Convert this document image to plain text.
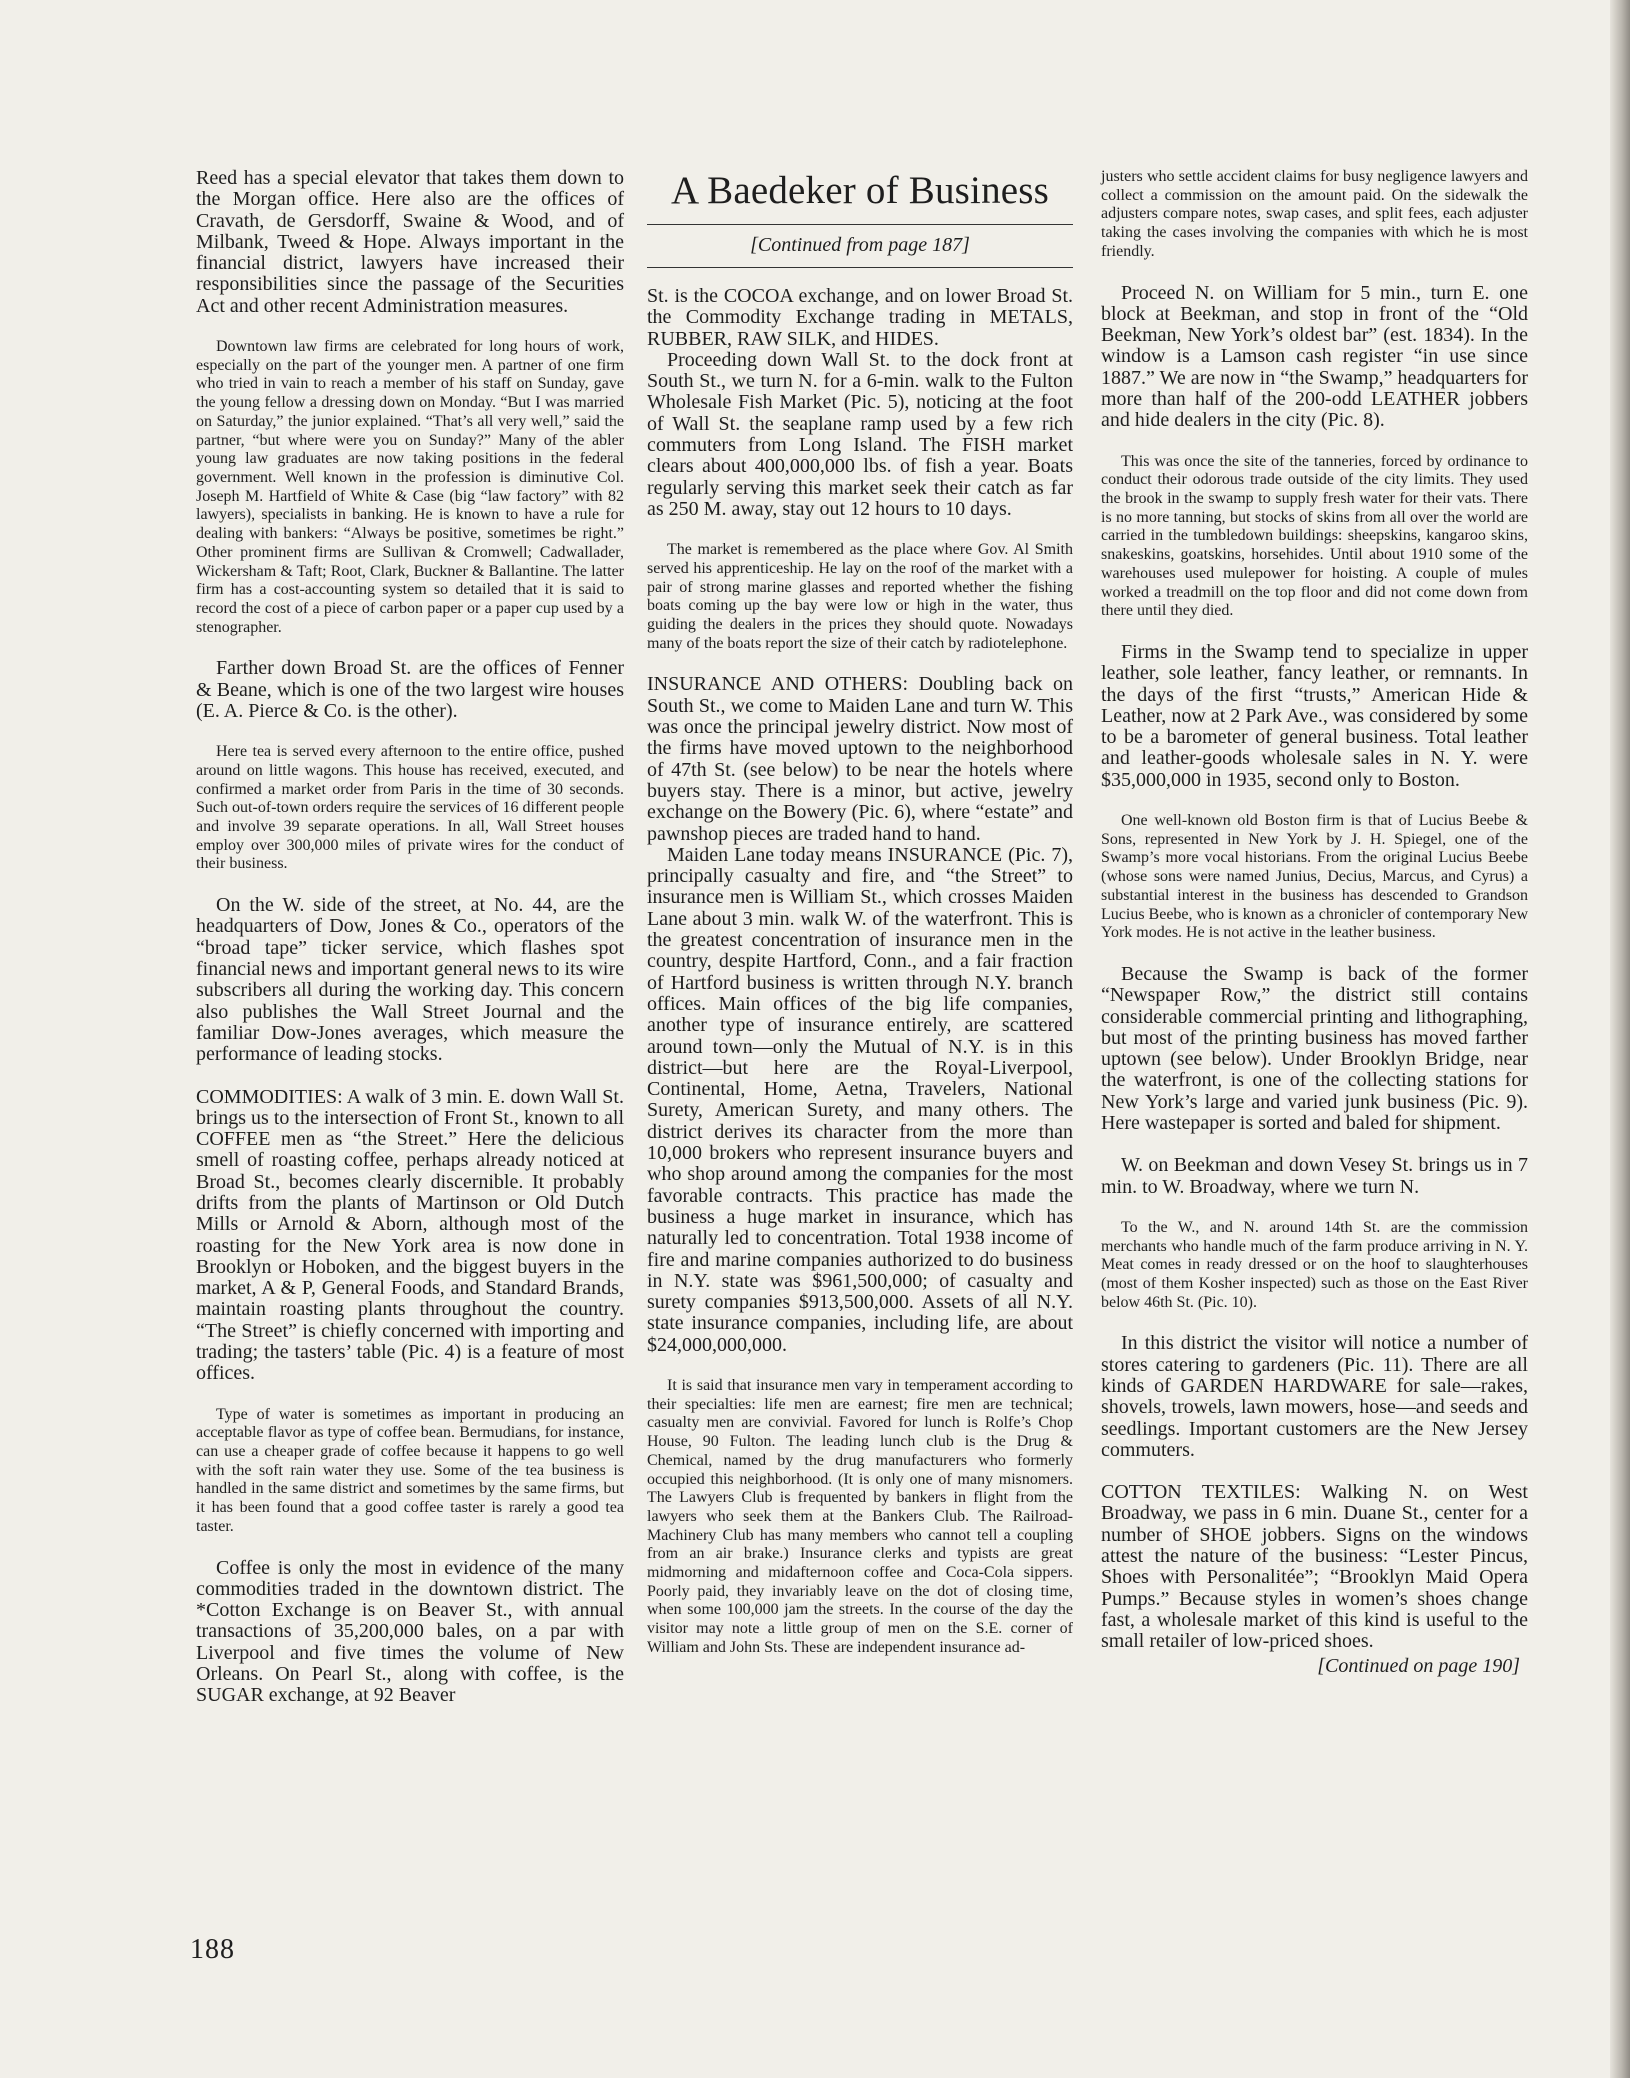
Reed has a special elevator that takes them down to the Morgan office. Here also are the offices of Cravath, de Gersdorff, Swaine & Wood, and of Milbank, Tweed & Hope. Always important in the financial district, lawyers have increased their responsibilities since the passage of the Securities Act and other recent Administration measures.

Downtown law firms are celebrated for long hours of work, especially on the part of the younger men. A partner of one firm who tried in vain to reach a member of his staff on Sunday, gave the young fellow a dressing down on Monday. “But I was married on Saturday,” the junior explained. “That’s all very well,” said the partner, “but where were you on Sunday?” Many of the abler young law graduates are now taking positions in the federal government. Well known in the profession is diminutive Col. Joseph M. Hartfield of White & Case (big “law factory” with 82 lawyers), specialists in banking. He is known to have a rule for dealing with bankers: “Always be positive, sometimes be right.” Other prominent firms are Sullivan & Cromwell; Cadwallader, Wickersham & Taft; Root, Clark, Buckner & Ballantine. The latter firm has a cost-accounting system so detailed that it is said to record the cost of a piece of carbon paper or a paper cup used by a stenographer.

Farther down Broad St. are the offices of Fenner & Beane, which is one of the two largest wire houses (E. A. Pierce & Co. is the other).

Here tea is served every afternoon to the entire office, pushed around on little wagons. This house has received, executed, and confirmed a market order from Paris in the time of 30 seconds. Such out-of-town orders require the services of 16 different people and involve 39 separate operations. In all, Wall Street houses employ over 300,000 miles of private wires for the conduct of their business.

On the W. side of the street, at No. 44, are the headquarters of Dow, Jones & Co., operators of the “broad tape” ticker service, which flashes spot financial news and important general news to its wire subscribers all during the working day. This concern also publishes the Wall Street Journal and the familiar Dow-Jones averages, which measure the performance of leading stocks.

COMMODITIES: A walk of 3 min. E. down Wall St. brings us to the intersection of Front St., known to all COFFEE men as “the Street.” Here the delicious smell of roasting coffee, perhaps already noticed at Broad St., becomes clearly discernible. It probably drifts from the plants of Martinson or Old Dutch Mills or Arnold & Aborn, although most of the roasting for the New York area is now done in Brooklyn or Hoboken, and the biggest buyers in the market, A & P, General Foods, and Standard Brands, maintain roasting plants throughout the country. “The Street” is chiefly concerned with importing and trading; the tasters’ table (Pic. 4) is a feature of most offices.

Type of water is sometimes as important in producing an acceptable flavor as type of coffee bean. Bermudians, for instance, can use a cheaper grade of coffee because it happens to go well with the soft rain water they use. Some of the tea business is handled in the same district and sometimes by the same firms, but it has been found that a good coffee taster is rarely a good tea taster.

Coffee is only the most in evidence of the many commodities traded in the downtown district. The *Cotton Exchange is on Beaver St., with annual transactions of 35,200,000 bales, on a par with Liverpool and five times the volume of New Orleans. On Pearl St., along with coffee, is the SUGAR exchange, at 92 Beaver

A Baedeker of Business

[Continued from page 187]

St. is the COCOA exchange, and on lower Broad St. the Commodity Exchange trading in METALS, RUBBER, RAW SILK, and HIDES.

Proceeding down Wall St. to the dock front at South St., we turn N. for a 6-min. walk to the Fulton Wholesale Fish Market (Pic. 5), noticing at the foot of Wall St. the seaplane ramp used by a few rich commuters from Long Island. The FISH market clears about 400,000,000 lbs. of fish a year. Boats regularly serving this market seek their catch as far as 250 M. away, stay out 12 hours to 10 days.

The market is remembered as the place where Gov. Al Smith served his apprenticeship. He lay on the roof of the market with a pair of strong marine glasses and reported whether the fishing boats coming up the bay were low or high in the water, thus guiding the dealers in the prices they should quote. Nowadays many of the boats report the size of their catch by radiotelephone.

INSURANCE AND OTHERS: Doubling back on South St., we come to Maiden Lane and turn W. This was once the principal jewelry district. Now most of the firms have moved uptown to the neighborhood of 47th St. (see below) to be near the hotels where buyers stay. There is a minor, but active, jewelry exchange on the Bowery (Pic. 6), where “estate” and pawnshop pieces are traded hand to hand.

Maiden Lane today means INSURANCE (Pic. 7), principally casualty and fire, and “the Street” to insurance men is William St., which crosses Maiden Lane about 3 min. walk W. of the waterfront. This is the greatest concentration of insurance men in the country, despite Hartford, Conn., and a fair fraction of Hartford business is written through N.Y. branch offices. Main offices of the big life companies, another type of insurance entirely, are scattered around town—only the Mutual of N.Y. is in this district—but here are the Royal-Liverpool, Continental, Home, Aetna, Travelers, National Surety, American Surety, and many others. The district derives its character from the more than 10,000 brokers who represent insurance buyers and who shop around among the companies for the most favorable contracts. This practice has made the business a huge market in insurance, which has naturally led to concentration. Total 1938 income of fire and marine companies authorized to do business in N.Y. state was $961,500,000; of casualty and surety companies $913,500,000. Assets of all N.Y. state insurance companies, including life, are about $24,000,000,000.

It is said that insurance men vary in temperament according to their specialties: life men are earnest; fire men are technical; casualty men are convivial. Favored for lunch is Rolfe’s Chop House, 90 Fulton. The leading lunch club is the Drug & Chemical, named by the drug manufacturers who formerly occupied this neighborhood. (It is only one of many misnomers. The Lawyers Club is frequented by bankers in flight from the lawyers who seek them at the Bankers Club. The Railroad-Machinery Club has many members who cannot tell a coupling from an air brake.) Insurance clerks and typists are great midmorning and midafternoon coffee and Coca-Cola sippers. Poorly paid, they invariably leave on the dot of closing time, when some 100,000 jam the streets. In the course of the day the visitor may note a little group of men on the S.E. corner of William and John Sts. These are independent insurance ad-

justers who settle accident claims for busy negligence lawyers and collect a commission on the amount paid. On the sidewalk the adjusters compare notes, swap cases, and split fees, each adjuster taking the cases involving the companies with which he is most friendly.

Proceed N. on William for 5 min., turn E. one block at Beekman, and stop in front of the “Old Beekman, New York’s oldest bar” (est. 1834). In the window is a Lamson cash register “in use since 1887.” We are now in “the Swamp,” headquarters for more than half of the 200-odd LEATHER jobbers and hide dealers in the city (Pic. 8).

This was once the site of the tanneries, forced by ordinance to conduct their odorous trade outside of the city limits. They used the brook in the swamp to supply fresh water for their vats. There is no more tanning, but stocks of skins from all over the world are carried in the tumbledown buildings: sheepskins, kangaroo skins, snakeskins, goatskins, horsehides. Until about 1910 some of the warehouses used mulepower for hoisting. A couple of mules worked a treadmill on the top floor and did not come down from there until they died.

Firms in the Swamp tend to specialize in upper leather, sole leather, fancy leather, or remnants. In the days of the first “trusts,” American Hide & Leather, now at 2 Park Ave., was considered by some to be a barometer of general business. Total leather and leather-goods wholesale sales in N. Y. were $35,000,000 in 1935, second only to Boston.

One well-known old Boston firm is that of Lucius Beebe & Sons, represented in New York by J. H. Spiegel, one of the Swamp’s more vocal historians. From the original Lucius Beebe (whose sons were named Junius, Decius, Marcus, and Cyrus) a substantial interest in the business has descended to Grandson Lucius Beebe, who is known as a chronicler of contemporary New York modes. He is not active in the leather business.

Because the Swamp is back of the former “Newspaper Row,” the district still contains considerable commercial printing and lithographing, but most of the printing business has moved farther uptown (see below). Under Brooklyn Bridge, near the waterfront, is one of the collecting stations for New York’s large and varied junk business (Pic. 9). Here wastepaper is sorted and baled for shipment.

W. on Beekman and down Vesey St. brings us in 7 min. to W. Broadway, where we turn N.

To the W., and N. around 14th St. are the commission merchants who handle much of the farm produce arriving in N. Y. Meat comes in ready dressed or on the hoof to slaughterhouses (most of them Kosher inspected) such as those on the East River below 46th St. (Pic. 10).

In this district the visitor will notice a number of stores catering to gardeners (Pic. 11). There are all kinds of GARDEN HARDWARE for sale—rakes, shovels, trowels, lawn mowers, hose—and seeds and seedlings. Important customers are the New Jersey commuters.

COTTON TEXTILES: Walking N. on West Broadway, we pass in 6 min. Duane St., center for a number of SHOE jobbers. Signs on the windows attest the nature of the business: “Lester Pincus, Shoes with Personalitée”; “Brooklyn Maid Opera Pumps.” Because styles in women’s shoes change fast, a wholesale market of this kind is useful to the small retailer of low-priced shoes.

[Continued on page 190]

188
